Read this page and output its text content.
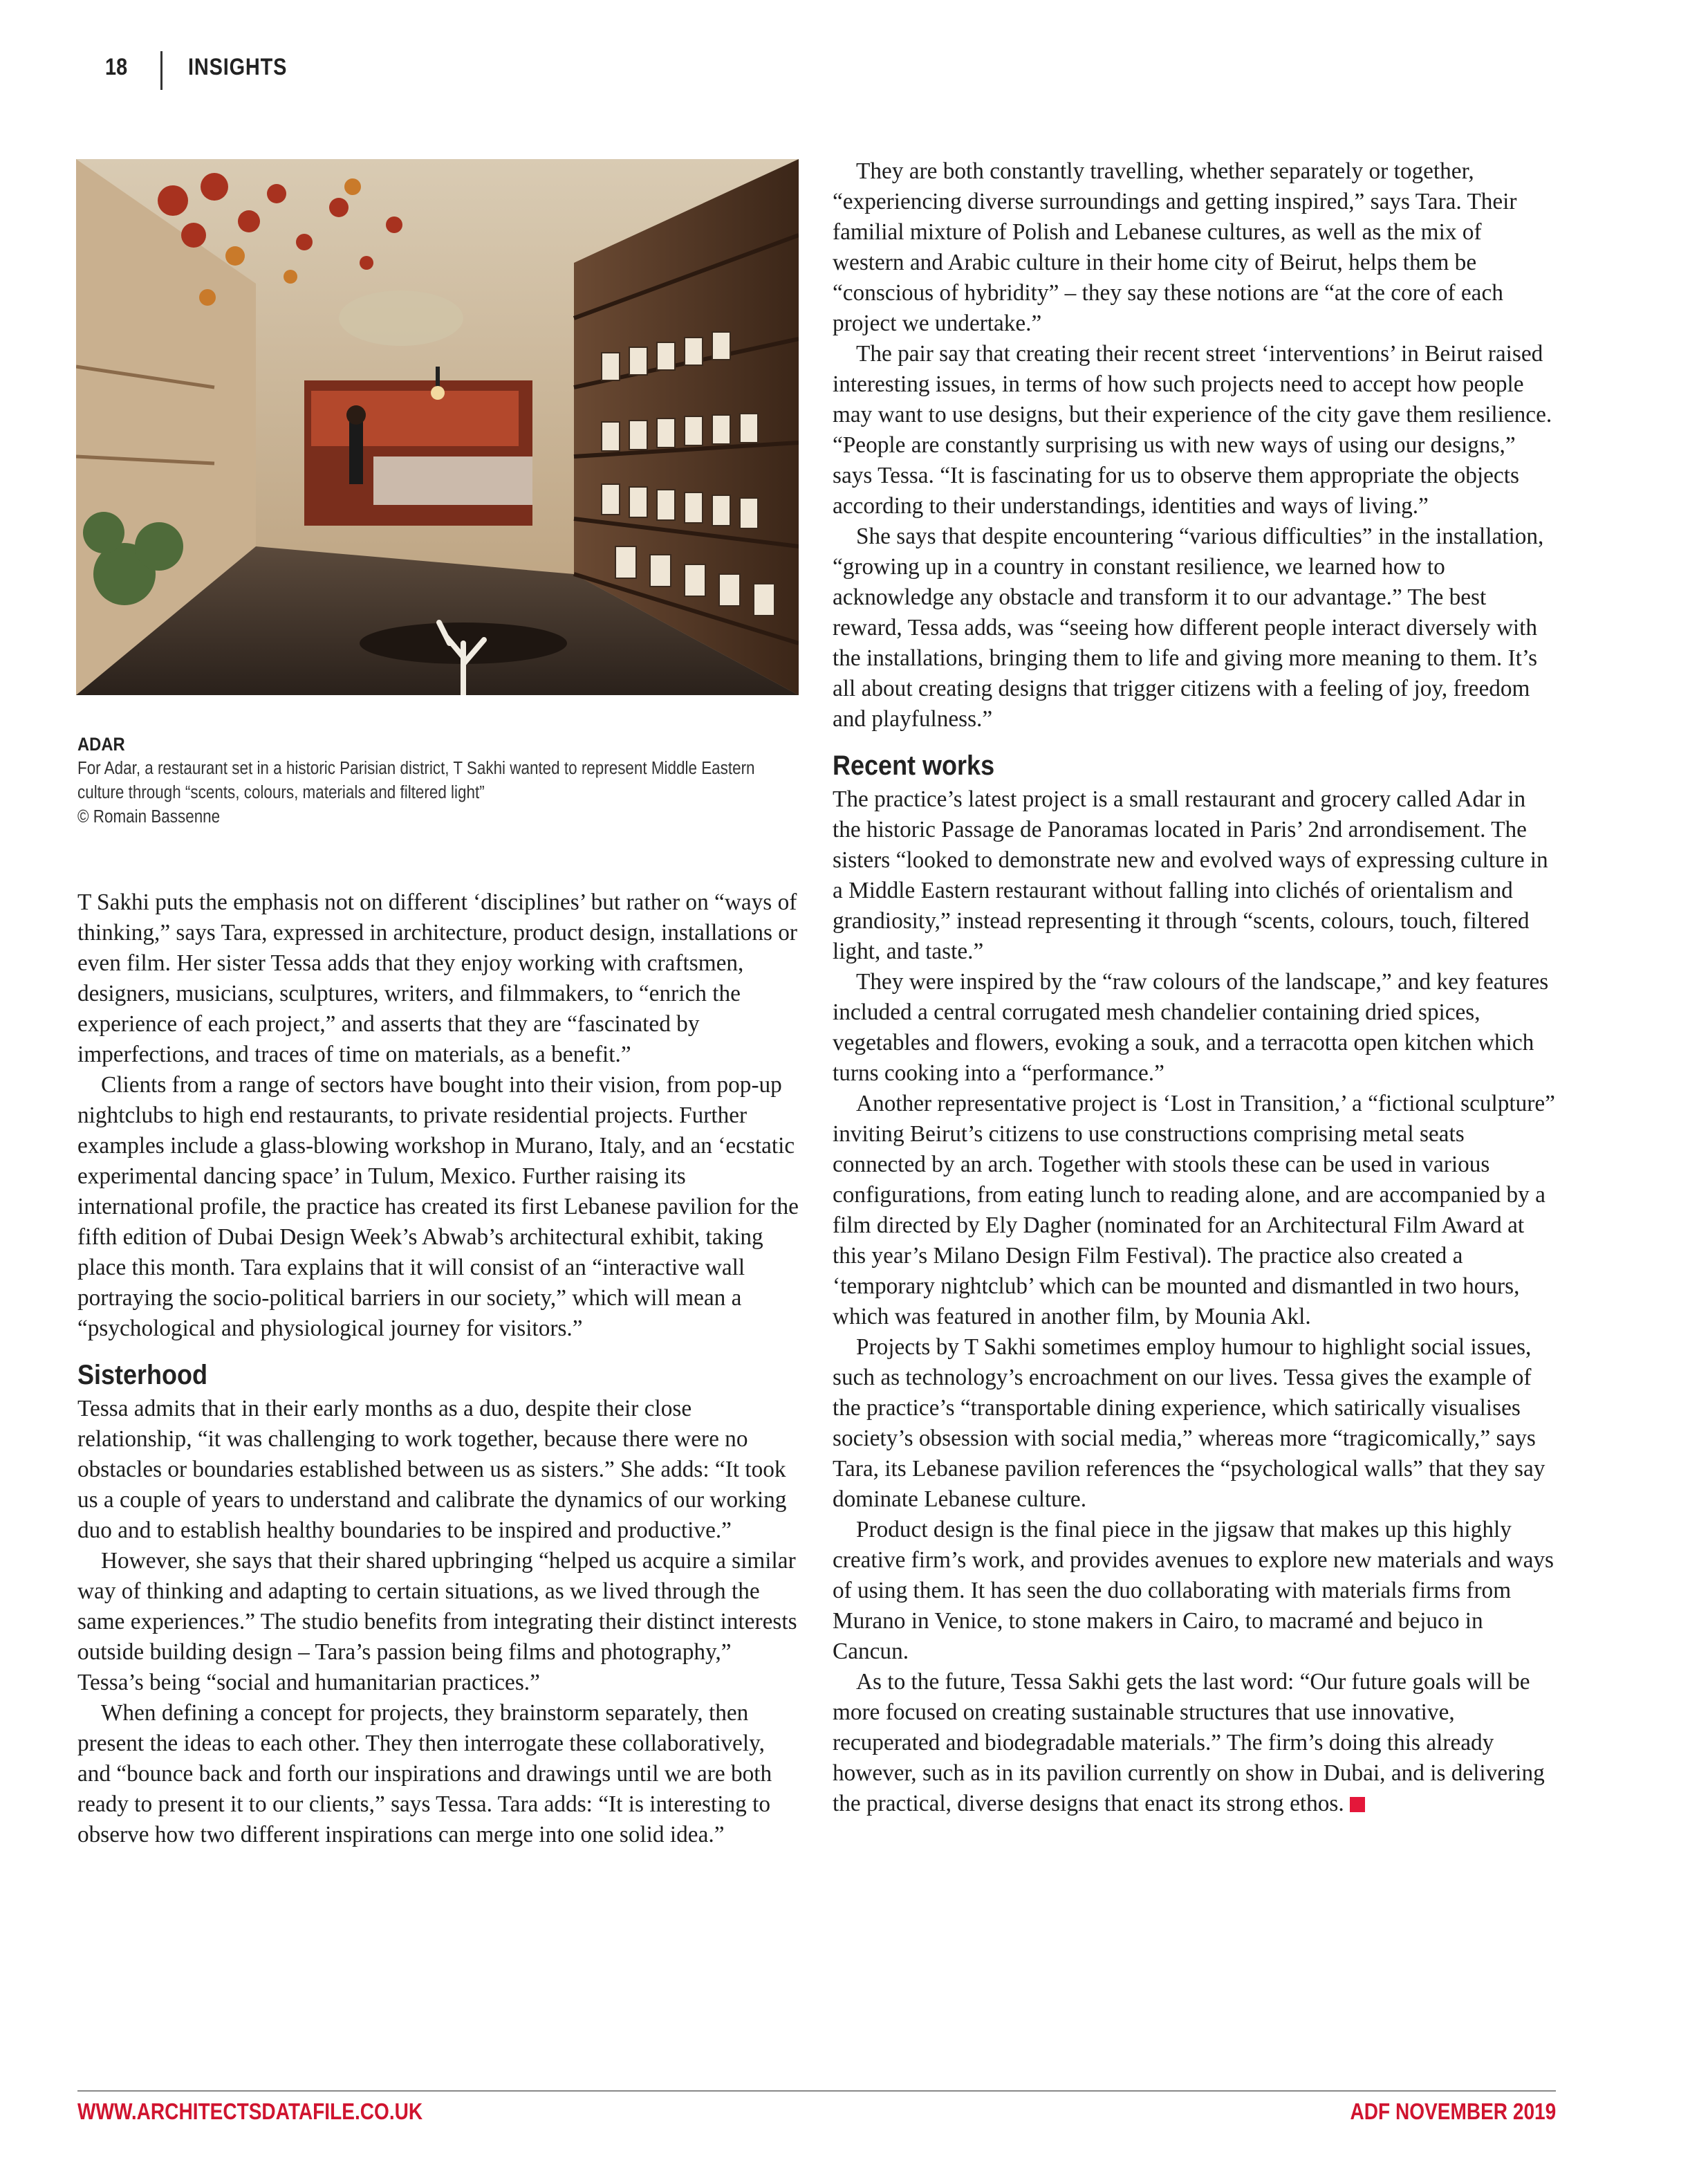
18	INSIGHTS
ADAR
For Adar, a restaurant set in a historic Parisian district, T Sakhi wanted to represent Middle Eastern culture through “scents, colours, materials and filtered light”
© Romain Bassenne

T Sakhi puts the emphasis not on different ‘disciplines’ but rather on “ways of thinking,” says Tara, expressed in architecture, product design, installations or even film. Her sister Tessa adds that they enjoy working with craftsmen, designers, musicians, sculptures, writers, and filmmakers, to “enrich the experience of each project,” and asserts that they are “fascinated by imperfections, and traces of time on materials, as a benefit.”

Clients from a range of sectors have bought into their vision, from pop-up nightclubs to high end restaurants, to private residential projects. Further examples include a glass-blowing workshop in Murano, Italy, and an ‘ecstatic experimental dancing space’ in Tulum, Mexico. Further raising its international profile, the practice has created its first Lebanese pavilion for the fifth edition of Dubai Design Week’s Abwab’s architectural exhibit, taking place this month. Tara explains that it will consist of an “interactive wall portraying the socio-political barriers in our society,” which will mean a “psychological and physiological journey for visitors.”

Sisterhood

Tessa admits that in their early months as a duo, despite their close relationship, “it was challenging to work together, because there were no obstacles or boundaries established between us as sisters.” She adds: “It took us a couple of years to understand and calibrate the dynamics of our working duo and to establish healthy boundaries to be inspired and productive.”

However, she says that their shared upbringing “helped us acquire a similar way of thinking and adapting to certain situations, as we lived through the same experiences.” The studio benefits from integrating their distinct interests outside building design – Tara’s passion being films and photography,” Tessa’s being “social and humanitarian practices.”

When defining a concept for projects, they brainstorm separately, then present the ideas to each other. They then interrogate these collaboratively, and “bounce back and forth our inspirations and drawings until we are both ready to present it to our clients,” says Tessa. Tara adds: “It is interesting to observe how two different inspirations can merge into one solid idea.”

They are both constantly travelling, whether separately or together, “experiencing diverse surroundings and getting inspired,” says Tara. Their familial mixture of Polish and Lebanese cultures, as well as the mix of western and Arabic culture in their home city of Beirut, helps them be “conscious of hybridity” – they say these notions are “at the core of each project we undertake.”

The pair say that creating their recent street ‘interventions’ in Beirut raised interesting issues, in terms of how such projects need to accept how people may want to use designs, but their experience of the city gave them resilience. “People are constantly surprising us with new ways of using our designs,” says Tessa. “It is fascinating for us to observe them appropriate the objects according to their understandings, identities and ways of living.”

She says that despite encountering “various difficulties” in the installation, “growing up in a country in constant resilience, we learned how to acknowledge any obstacle and transform it to our advantage.” The best reward, Tessa adds, was “seeing how different people interact diversely with the installations, bringing them to life and giving more meaning to them. It’s all about creating designs that trigger citizens with a feeling of joy, freedom and playfulness.”

Recent works

The practice’s latest project is a small restaurant and grocery called Adar in the historic Passage de Panoramas located in Paris’ 2nd arrondisement. The sisters “looked to demonstrate new and evolved ways of expressing culture in a Middle Eastern restaurant without falling into clichés of orientalism and grandiosity,” instead representing it through “scents, colours, touch, filtered light, and taste.”

They were inspired by the “raw colours of the landscape,” and key features included a central corrugated mesh chandelier containing dried spices, vegetables and flowers, evoking a souk, and a terracotta open kitchen which turns cooking into a “performance.”

Another representative project is ‘Lost in Transition,’ a “fictional sculpture” inviting Beirut’s citizens to use constructions comprising metal seats connected by an arch. Together with stools these can be used in various configurations, from eating lunch to reading alone, and are accompanied by a film directed by Ely Dagher (nominated for an Architectural Film Award at this year’s Milano Design Film Festival). The practice also created a ‘temporary nightclub’ which can be mounted and dismantled in two hours, which was featured in another film, by Mounia Akl.

Projects by T Sakhi sometimes employ humour to highlight social issues, such as technology’s encroachment on our lives. Tessa gives the example of the practice’s “transportable dining experience, which satirically visualises society’s obsession with social media,” whereas more “tragicomically,” says Tara, its Lebanese pavilion references the “psychological walls” that they say dominate Lebanese culture.

Product design is the final piece in the jigsaw that makes up this highly creative firm’s work, and provides avenues to explore new materials and ways of using them. It has seen the duo collaborating with materials firms from Murano in Venice, to stone makers in Cairo, to macramé and bejuco in Cancun.

As to the future, Tessa Sakhi gets the last word: “Our future goals will be more focused on creating sustainable structures that use innovative, recuperated and biodegradable materials.” The firm’s doing this already however, such as in its pavilion currently on show in Dubai, and is delivering the practical, diverse designs that enact its strong ethos.

WWW.ARCHITECTSDATAFILE.CO.UK	ADF NOVEMBER 2019
